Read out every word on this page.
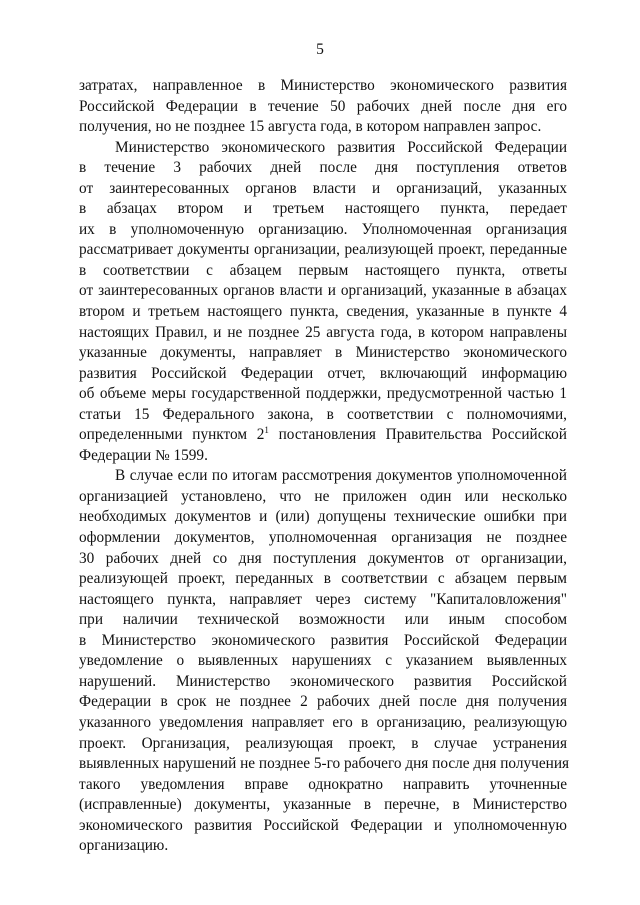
5
затратах, направленное в Министерство экономического развития
Российской Федерации в течение 50 рабочих дней после дня его
получения, но не позднее 15 августа года, в котором направлен запрос.
Министерство экономического развития Российской Федерации
в течение 3 рабочих дней после дня поступления ответов
от заинтересованных органов власти и организаций, указанных
в абзацах втором и третьем настоящего пункта, передает
их в уполномоченную организацию. Уполномоченная организация
рассматривает документы организации, реализующей проект, переданные
в соответствии с абзацем первым настоящего пункта, ответы
от заинтересованных органов власти и организаций, указанные в абзацах
втором и третьем настоящего пункта, сведения, указанные в пункте 4
настоящих Правил, и не позднее 25 августа года, в котором направлены
указанные документы, направляет в Министерство экономического
развития Российской Федерации отчет, включающий информацию
об объеме меры государственной поддержки, предусмотренной частью 1
статьи 15 Федерального закона, в соответствии с полномочиями,
определенными пунктом $2^1$ постановления Правительства Российской
Федерации № 1599.
В случае если по итогам рассмотрения документов уполномоченной
организацией установлено, что не приложен один или несколько
необходимых документов и (или) допущены технические ошибки при
оформлении документов, уполномоченная организация не позднее
30 рабочих дней со дня поступления документов от организации,
реализующей проект, переданных в соответствии с абзацем первым
настоящего пункта, направляет через систему "Капиталовложения"
при наличии технической возможности или иным способом
в Министерство экономического развития Российской Федерации
уведомление о выявленных нарушениях с указанием выявленных
нарушений. Министерство экономического развития Российской
Федерации в срок не позднее 2 рабочих дней после дня получения
указанного уведомления направляет его в организацию, реализующую
проект. Организация, реализующая проект, в случае устранения
выявленных нарушений не позднее 5-го рабочего дня после дня получения
такого уведомления вправе однократно направить уточненные
(исправленные) документы, указанные в перечне, в Министерство
экономического развития Российской Федерации и уполномоченную
организацию.
